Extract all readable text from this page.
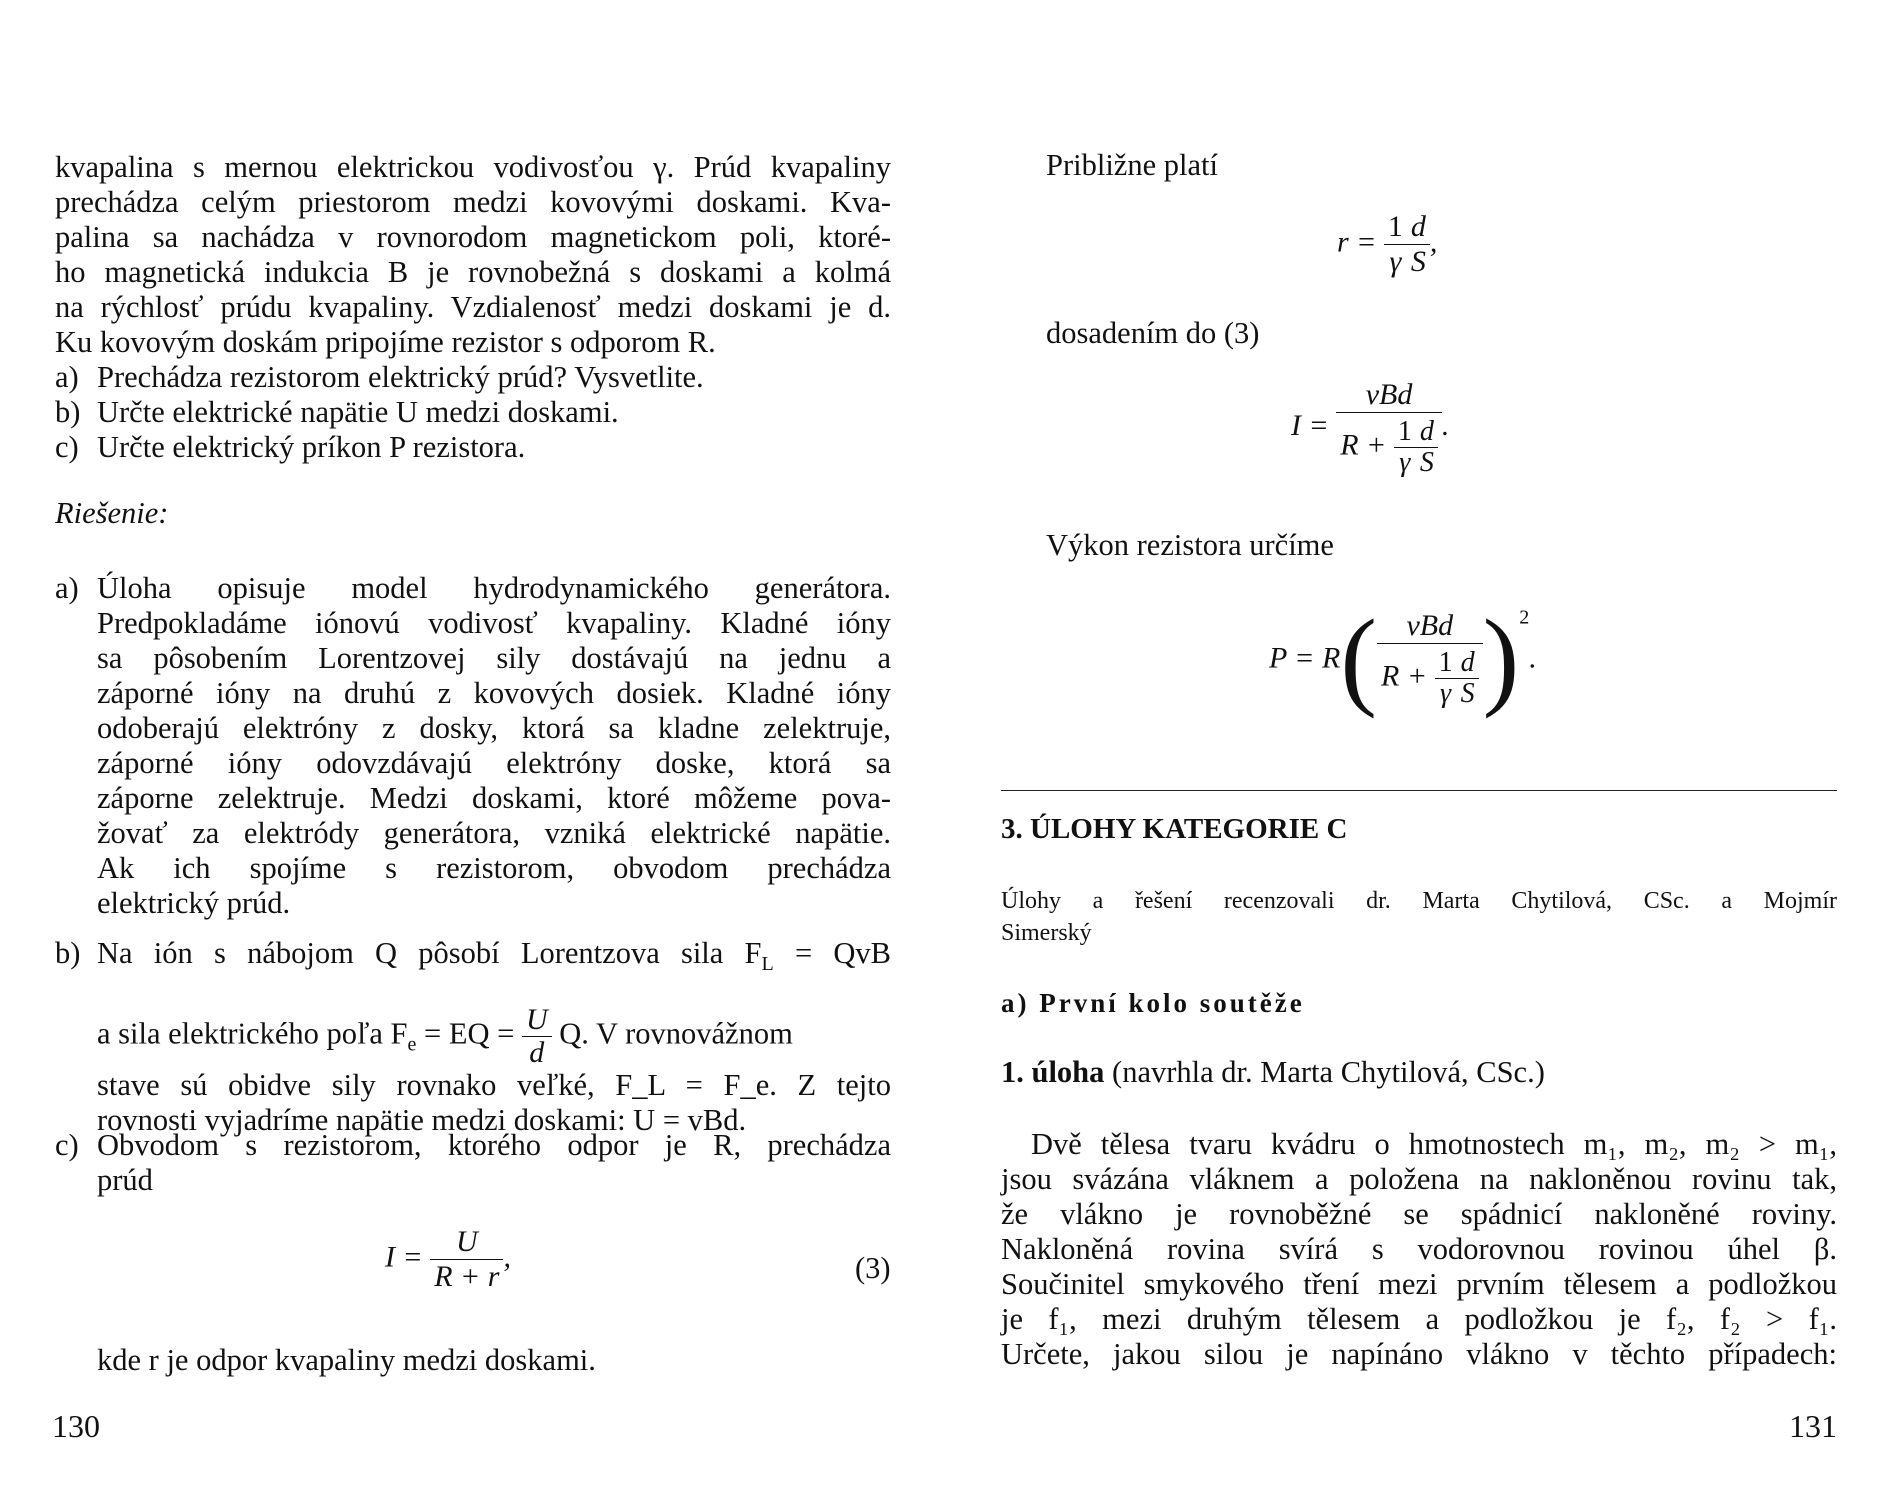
kvapalina s mernou elektrickou vodivosťou γ. Prúd kvapaliny
prechádza celým priestorom medzi kovovými doskami. Kva-
palina sa nachádza v rovnorodom magnetickom poli, ktoré-
ho magnetická indukcia B je rovnobežná s doskami a kolmá
na rýchlosť prúdu kvapaliny. Vzdialenosť medzi doskami je d.
Ku kovovým doskám pripojíme rezistor s odporom R.
a) Prechádza rezistorom elektrický prúd? Vysvetlite.
b) Určte elektrické napätie U medzi doskami.
c) Určte elektrický príkon P rezistora.
Riešenie:
a) Úloha opisuje model hydrodynamického generátora.
Predpokladáme iónovú vodivosť kvapaliny. Kladné ióny
sa pôsobením Lorentzovej sily dostávajú na jednu a
záporné ióny na druhú z kovových dosiek. Kladné ióny
odoberajú elektróny z dosky, ktorá sa kladne zelektruje,
záporné ióny odovzdávajú elektróny doske, ktorá sa
záporne zelektruje. Medzi doskami, ktoré môžeme pova-
žovať za elektródy generátora, vzniká elektrické napätie.
Ak ich spojíme s rezistorom, obvodom prechádza
elektrický prúd.
b) Na ión s nábojom Q pôsobí Lorentzova sila $F_L$ = QvB
a sila elektrického poľa $F_e$ = EQ = $\frac{U}{d} Q$. V rovnovážnom
stave sú obidve sily rovnako veľké, F_L = F_e. Z tejto
rovnosti vyjadríme napätie medzi doskami: U = vBd.
c) Obvodom s rezistorom, ktorého odpor je R, prechádza
prúd
$I = \frac{U}{R + r}$ ,	(3)
kde r je odpor kvapaliny medzi doskami.
130
Približne platí
$r = \frac{1}{\gamma} \frac{d}{S}$ ,
dosadením do (3)
$I = \frac{\text{vBd}}{R + \frac{1}{\gamma} \frac{d}{S}}$ .
Výkon rezistora určíme
$P = R( \frac{\text{vBd}}{R + \frac{1}{\gamma} \frac{d}{S}} )^2$.
3. ÚLOHY KATEGORIE C
Úlohy a řešení recenzovali dr. Marta Chytilová, CSc. a Mojmír
Simerský
a) První kolo soutěže
1. úloha (navrhla dr. Marta Chytilová, CSc.)
Dvě tělesa tvaru kvádru o hmotnostech m₁, m₂, m₂ > m₁,
jsou svázána vláknem a položena na nakloněnou rovinu tak,
že vlákno je rovnoběžné se spádnicí nakloněné roviny.
Nakloněná rovina svírá s vodorovnou rovinou úhel β.
Součinitel smykového tření mezi prvním tělesem a podložkou
je f₁, mezi druhým tělesem a podložkou je f₂, f₂ > f₁.
Určete, jakou silou je napínáno vlákno v těchto případech:
131
